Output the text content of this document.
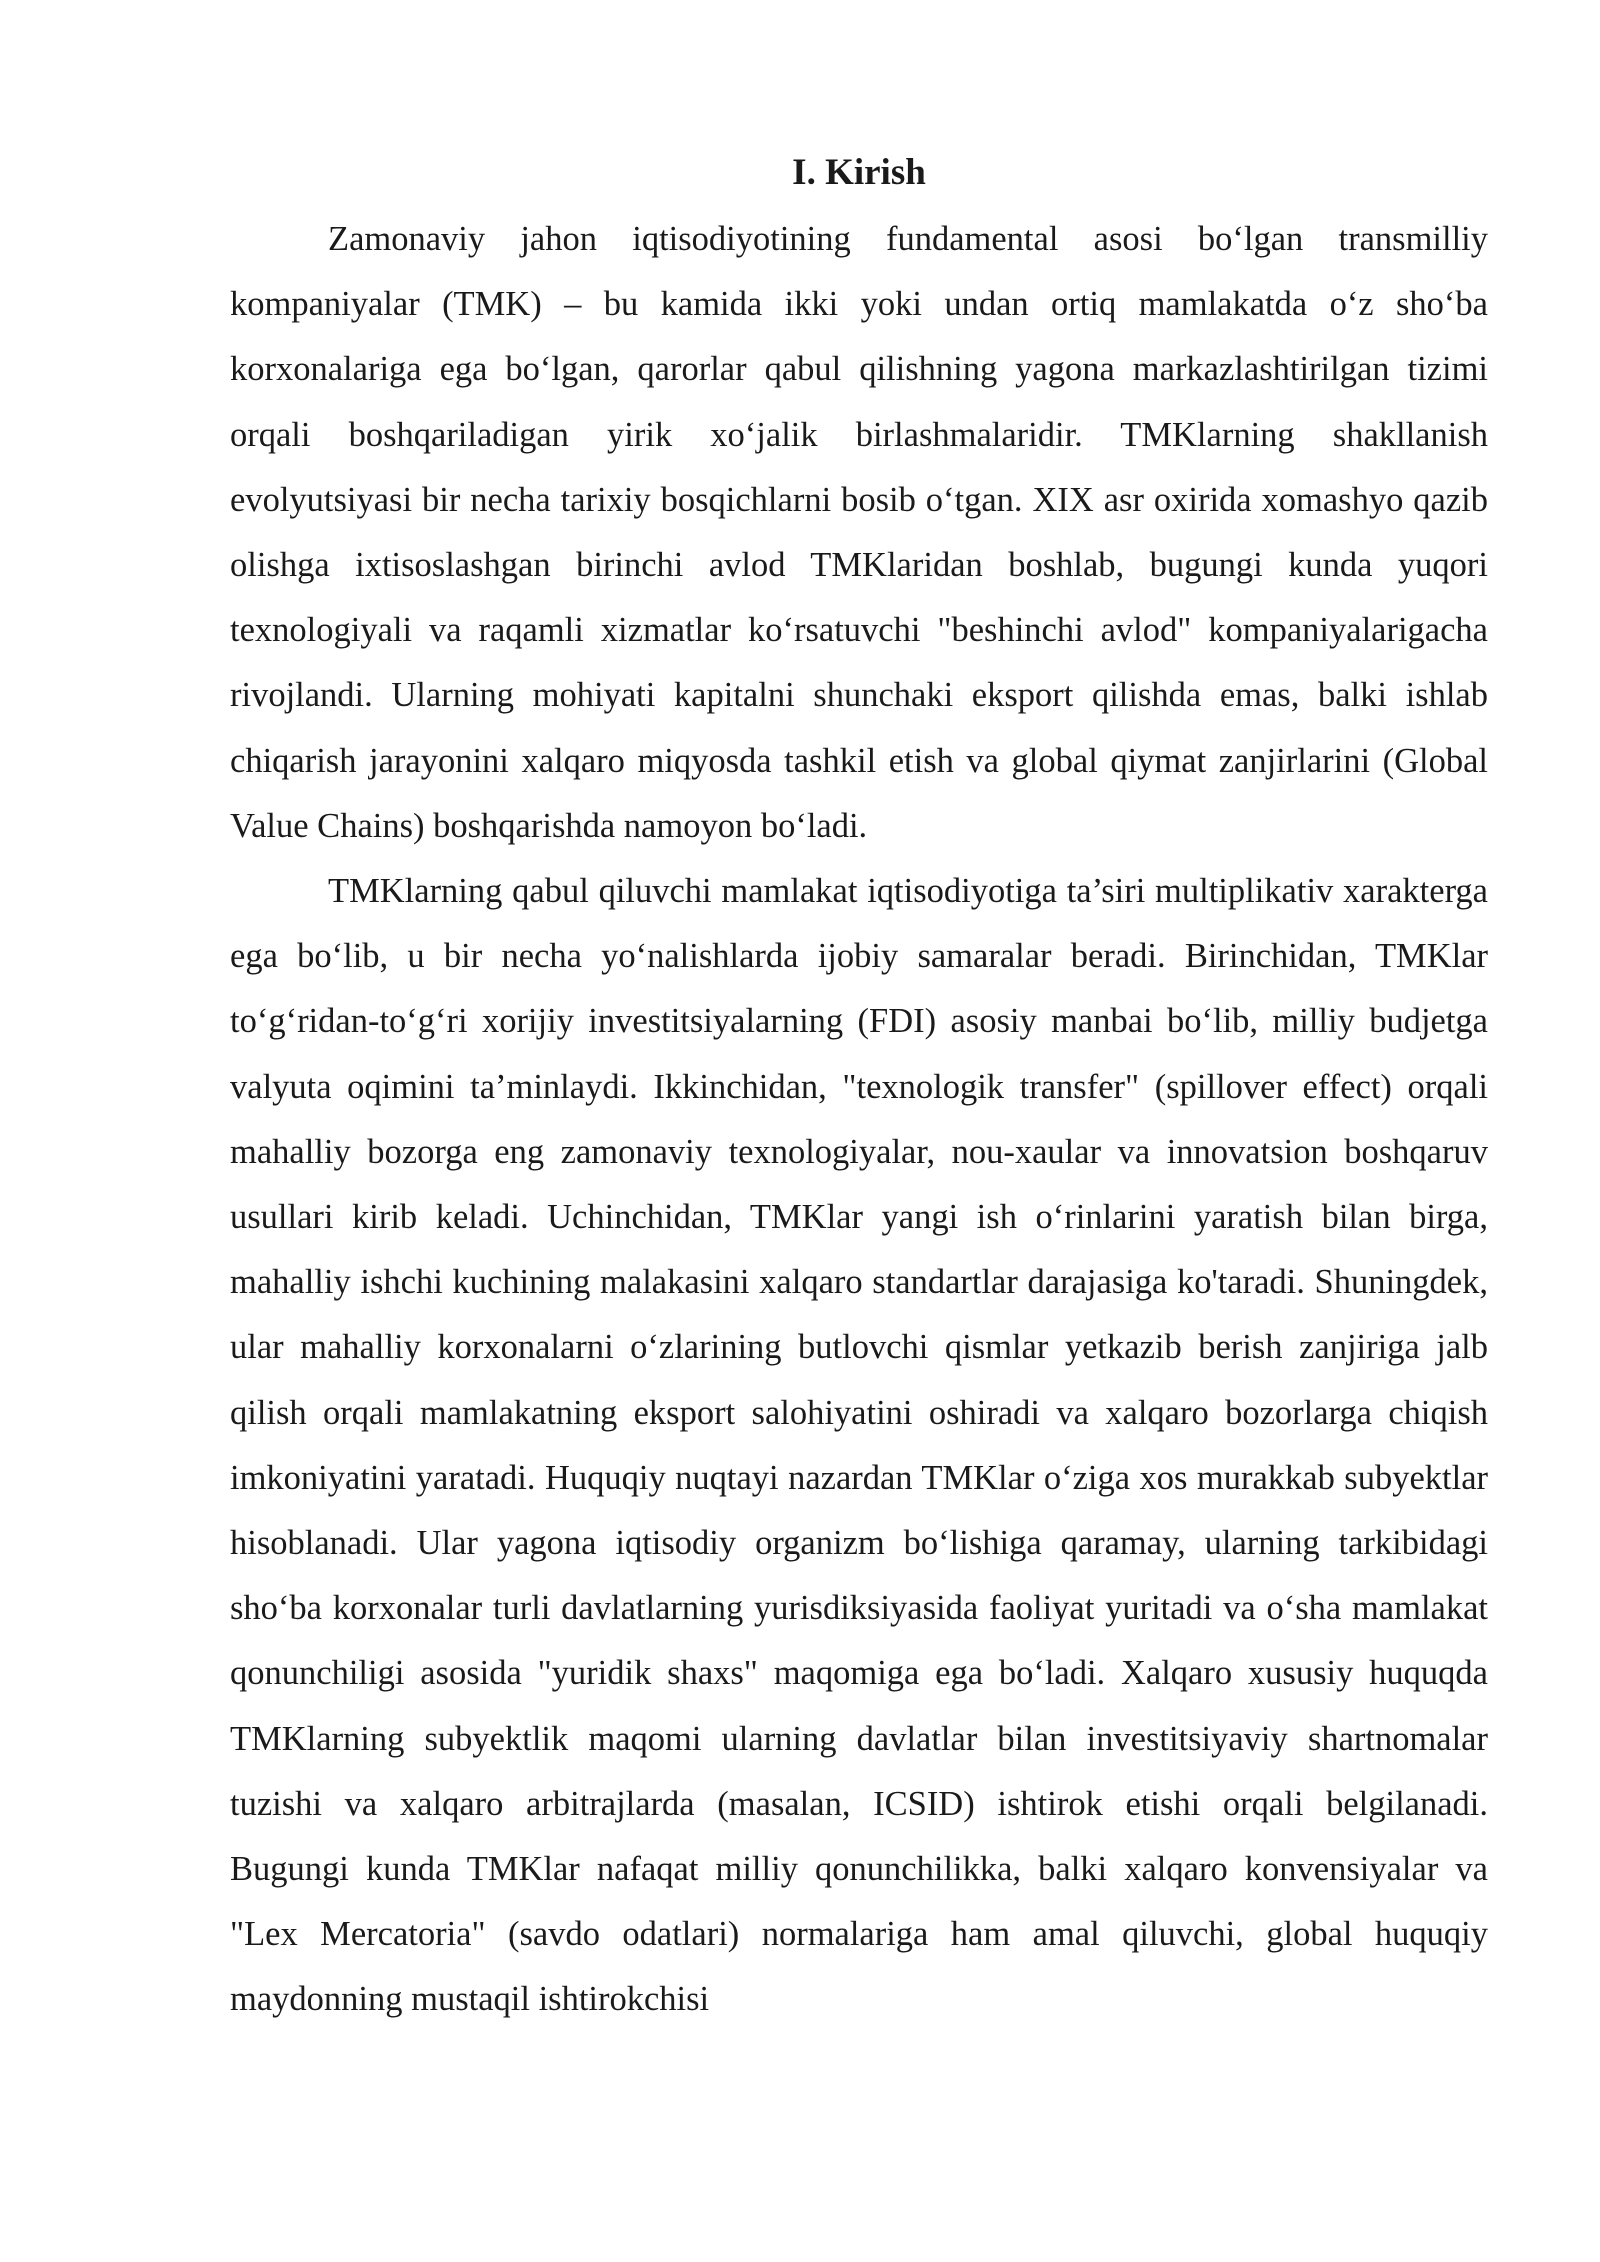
I. Kirish

Zamonaviy jahon iqtisodiyotining fundamental asosi bo‘lgan transmilliy kompaniyalar (TMK) – bu kamida ikki yoki undan ortiq mamlakatda o‘z sho‘ba korxonalariga ega bo‘lgan, qarorlar qabul qilishning yagona markazlashtirilgan tizimi orqali boshqariladigan yirik xo‘jalik birlashmalaridir. TMKlarning shakllanish evolyutsiyasi bir necha tarixiy bosqichlarni bosib o‘tgan. XIX asr oxirida xomashyo qazib olishga ixtisoslashgan birinchi avlod TMKlaridan boshlab, bugungi kunda yuqori texnologiyali va raqamli xizmatlar ko‘rsatuvchi "beshinchi avlod" kompaniyalarigacha rivojlandi. Ularning mohiyati kapitalni shunchaki eksport qilishda emas, balki ishlab chiqarish jarayonini xalqaro miqyosda tashkil etish va global qiymat zanjirlarini (Global Value Chains) boshqarishda namoyon bo‘ladi.

TMKlarning qabul qiluvchi mamlakat iqtisodiyotiga ta’siri multiplikativ xarakterga ega bo‘lib, u bir necha yo‘nalishlarda ijobiy samaralar beradi. Birinchidan, TMKlar to‘g‘ridan-to‘g‘ri xorijiy investitsiyalarning (FDI) asosiy manbai bo‘lib, milliy budjetga valyuta oqimini ta’minlaydi. Ikkinchidan, "texnologik transfer" (spillover effect) orqali mahalliy bozorga eng zamonaviy texnologiyalar, nou-xaular va innovatsion boshqaruv usullari kirib keladi. Uchinchidan, TMKlar yangi ish o‘rinlarini yaratish bilan birga, mahalliy ishchi kuchining malakasini xalqaro standartlar darajasiga ko'taradi. Shuningdek, ular mahalliy korxonalarni o‘zlarining butlovchi qismlar yetkazib berish zanjiriga jalb qilish orqali mamlakatning eksport salohiyatini oshiradi va xalqaro bozorlarga chiqish imkoniyatini yaratadi. Huquqiy nuqtayi nazardan TMKlar o‘ziga xos murakkab subyektlar hisoblanadi. Ular yagona iqtisodiy organizm bo‘lishiga qaramay, ularning tarkibidagi sho‘ba korxonalar turli davlatlarning yurisdiksiyasida faoliyat yuritadi va o‘sha mamlakat qonunchiligi asosida "yuridik shaxs" maqomiga ega bo‘ladi. Xalqaro xususiy huquqda TMKlarning subyektlik maqomi ularning davlatlar bilan investitsiyaviy shartnomalar tuzishi va xalqaro arbitrajlarda (masalan, ICSID) ishtirok etishi orqali belgilanadi. Bugungi kunda TMKlar nafaqat milliy qonunchilikka, balki xalqaro konvensiyalar va "Lex Mercatoria" (savdo odatlari) normalariga ham amal qiluvchi, global huquqiy maydonning mustaqil ishtirokchisi
